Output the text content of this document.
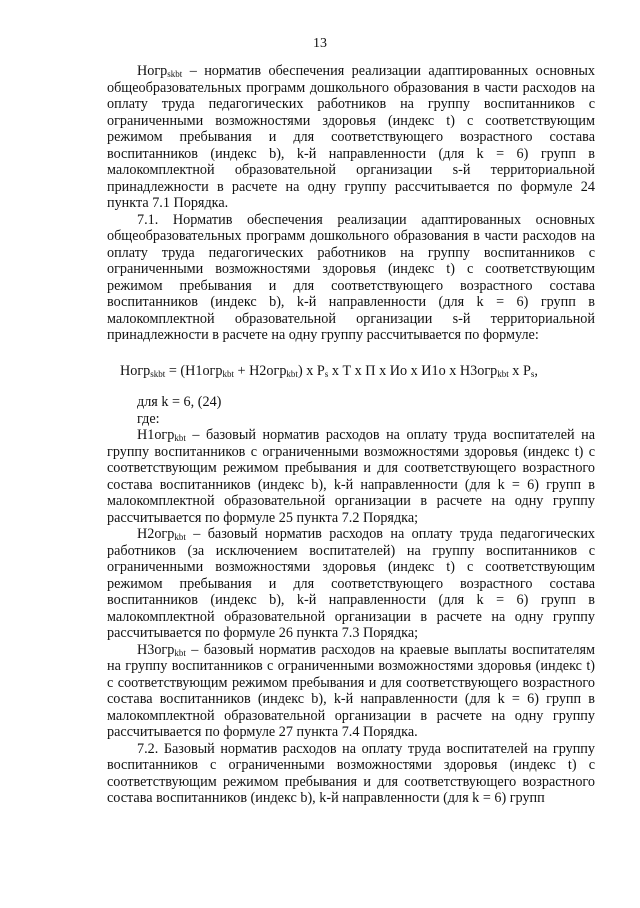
13

Ногр$_{skbt}$ – норматив обеспечения реализации адаптированных основных общеобразовательных программ дошкольного образования в части расходов на оплату труда педагогических работников на группу воспитанников с ограниченными возможностями здоровья (индекс t) с соответствующим режимом пребывания и для соответствующего возрастного состава воспитанников (индекс b), k-й направленности (для k = 6) групп в малокомплектной образовательной организации s-й территориальной принадлежности в расчете на одну группу рассчитывается по формуле 24 пункта 7.1 Порядка.

7.1. Норматив обеспечения реализации адаптированных основных общеобразовательных программ дошкольного образования в части расходов на оплату труда педагогических работников на группу воспитанников с ограниченными возможностями здоровья (индекс t) с соответствующим режимом пребывания и для соответствующего возрастного состава воспитанников (индекс b), k-й направленности (для k = 6) групп в малокомплектной образовательной организации s-й территориальной принадлежности в расчете на одну группу рассчитывается по формуле:

Ногр$_{skbt}$ = (Н1огр$_{kbt}$ + Н2огр$_{kbt}$) х $P_s$ х Т х П х Ио х И1о х Н3огр$_{kbt}$ х $P_s$,

для k = 6, (24)

где:

Н1огр$_{kbt}$ – базовый норматив расходов на оплату труда воспитателей на группу воспитанников с ограниченными возможностями здоровья (индекс t) с соответствующим режимом пребывания и для соответствующего возрастного состава воспитанников (индекс b), k-й направленности (для k = 6) групп в малокомплектной образовательной организации в расчете на одну группу рассчитывается по формуле 25 пункта 7.2 Порядка;

Н2огр$_{kbt}$ – базовый норматив расходов на оплату труда педагогических работников (за исключением воспитателей) на группу воспитанников с ограниченными возможностями здоровья (индекс t) с соответствующим режимом пребывания и для соответствующего возрастного состава воспитанников (индекс b), k-й направленности (для k = 6) групп в малокомплектной образовательной организации в расчете на одну группу рассчитывается по формуле 26 пункта 7.3 Порядка;

Н3огр$_{kbt}$ – базовый норматив расходов на краевые выплаты воспитателям на группу воспитанников с ограниченными возможностями здоровья (индекс t) с соответствующим режимом пребывания и для соответствующего возрастного состава воспитанников (индекс b), k-й направленности (для k = 6) групп в малокомплектной образовательной организации в расчете на одну группу рассчитывается по формуле 27 пункта 7.4 Порядка.

7.2. Базовый норматив расходов на оплату труда воспитателей на группу воспитанников с ограниченными возможностями здоровья (индекс t) с соответствующим режимом пребывания и для соответствующего возрастного состава воспитанников (индекс b), k-й направленности (для k = 6) групп
